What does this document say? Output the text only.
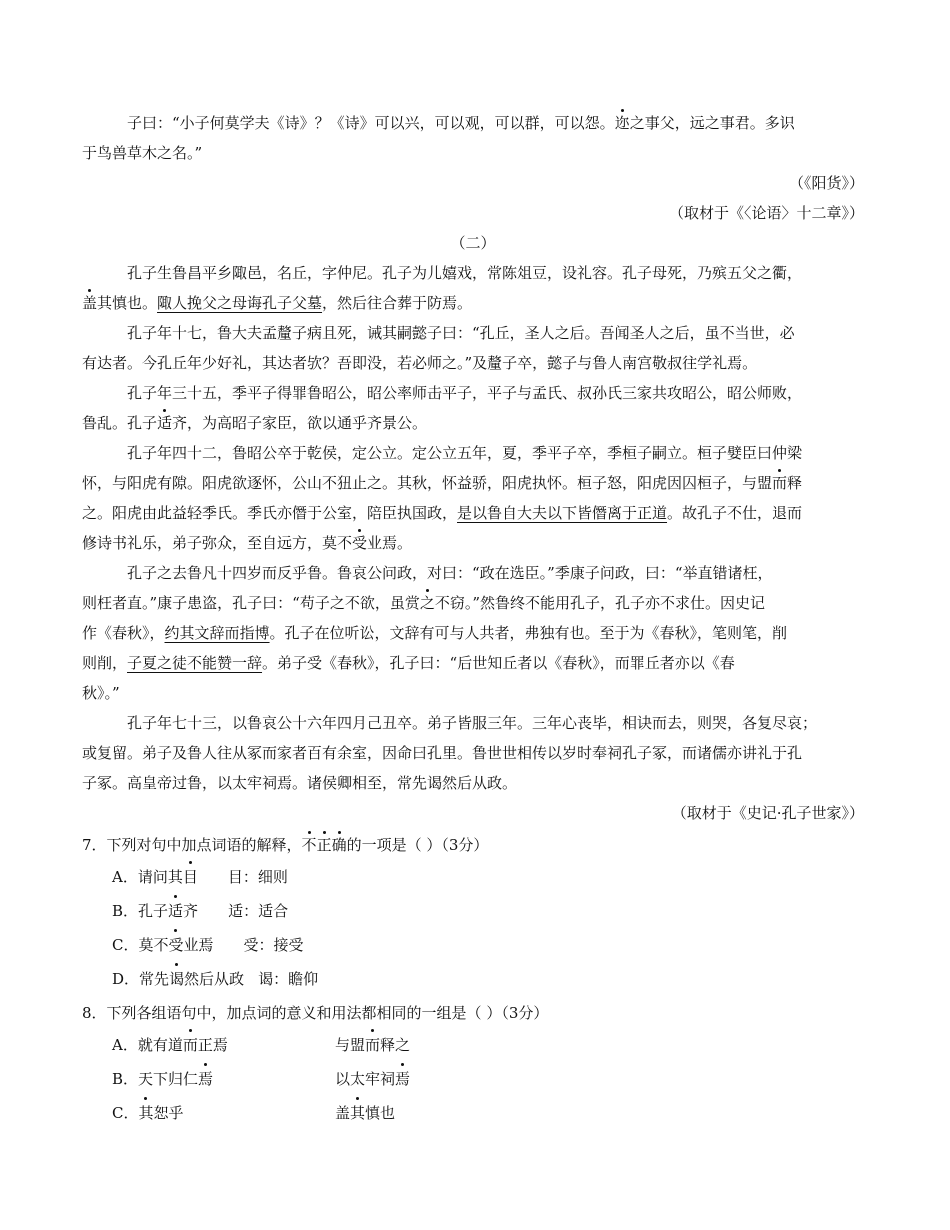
子曰：“小子何莫学夫《诗》？《诗》可以兴，可以观，可以群，可以怨。迩之事父，远之事君。多识

于鸟兽草木之名。”

（《阳货》）

（取材于《〈论语〉十二章》）

（二）

孔子生鲁昌平乡陬邑，名丘，字仲尼。孔子为儿嬉戏，常陈俎豆，设礼容。孔子母死，乃殡五父之衢，

盖其慎也。陬人挽父之母诲孔子父墓，然后往合葬于防焉。

孔子年十七，鲁大夫孟釐子病且死，诫其嗣懿子曰：“孔丘，圣人之后。吾闻圣人之后，虽不当世，必

有达者。今孔丘年少好礼，其达者欤？吾即没，若必师之。”及釐子卒，懿子与鲁人南宫敬叔往学礼焉。

孔子年三十五，季平子得罪鲁昭公，昭公率师击平子，平子与孟氏、叔孙氏三家共攻昭公，昭公师败，

鲁乱。孔子适齐，为高昭子家臣，欲以通乎齐景公。

孔子年四十二，鲁昭公卒于乾侯，定公立。定公立五年，夏，季平子卒，季桓子嗣立。桓子嬖臣曰仲梁

怀，与阳虎有隙。阳虎欲逐怀，公山不狃止之。其秋，怀益骄，阳虎执怀。桓子怒，阳虎因囚桓子，与盟而释

之。阳虎由此益轻季氏。季氏亦僭于公室，陪臣执国政，是以鲁自大夫以下皆僭离于正道。故孔子不仕，退而

修诗书礼乐，弟子弥众，至自远方，莫不受业焉。

孔子之去鲁凡十四岁而反乎鲁。鲁哀公问政，对曰：“政在选臣。”季康子问政，曰：“举直错诸枉，

则枉者直。”康子患盗，孔子曰：“苟子之不欲，虽赏之不窃。”然鲁终不能用孔子，孔子亦不求仕。因史记

作《春秋》，约其文辞而指博。孔子在位听讼，文辞有可与人共者，弗独有也。至于为《春秋》，笔则笔，削

则削，子夏之徒不能赞一辞。弟子受《春秋》，孔子曰：“后世知丘者以《春秋》，而罪丘者亦以《春

秋》。”

孔子年七十三，以鲁哀公十六年四月己丑卒。弟子皆服三年。三年心丧毕，相诀而去，则哭，各复尽哀；

或复留。弟子及鲁人往从冢而家者百有余室，因命曰孔里。鲁世世相传以岁时奉祠孔子冢，而诸儒亦讲礼于孔

子冢。高皇帝过鲁，以太牢祠焉。诸侯卿相至，常先谒然后从政。

（取材于《史记·孔子世家》）

7．下列对句中加点词语的解释，不正确的一项是（ ）（3分）

A．请问其目 目：细则

B．孔子适齐 适：适合

C．莫不受业焉 受：接受

D．常先谒然后从政 谒：瞻仰

8．下列各组语句中，加点词的意义和用法都相同的一组是（ ）（3分）

A．就有道而正焉	与盟而释之

B．天下归仁焉	以太牢祠焉

C．其恕乎	盖其慎也
